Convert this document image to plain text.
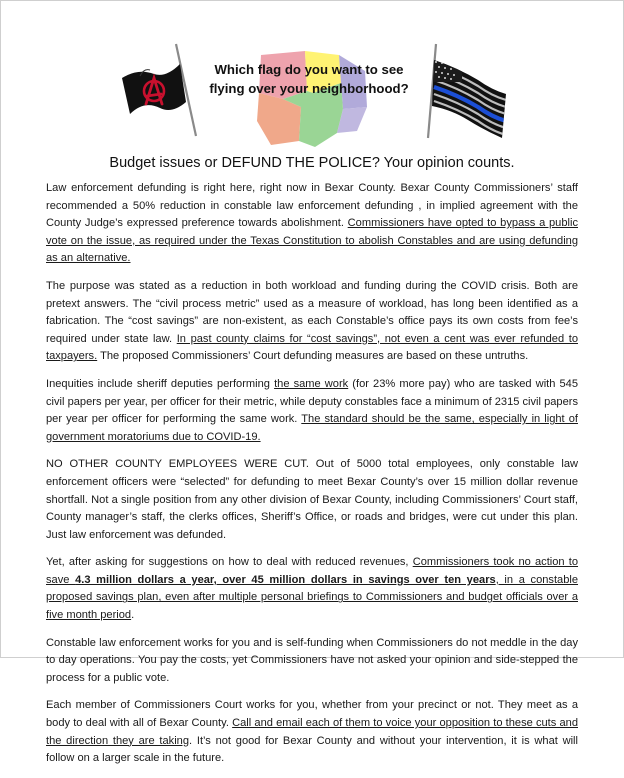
Which flag do you want to see
flying over your neighborhood?
Budget issues or DEFUND THE POLICE? Your opinion counts.

Law enforcement defunding is right here, right now in Bexar County. Bexar County Commissioners’ staff recommended a 50% reduction in constable law enforcement defunding , in implied agreement with the County Judge’s expressed preference towards abolishment. Commissioners have opted to bypass a public vote on the issue, as required under the Texas Constitution to abolish Constables and are using defunding as an alternative.

The purpose was stated as a reduction in both workload and funding during the COVID crisis. Both are pretext answers. The “civil process metric” used as a measure of workload, has long been identified as a fabrication. The “cost savings” are non-existent, as each Constable’s office pays its own costs from fee’s required under state law. In past county claims for “cost savings”, not even a cent was ever refunded to taxpayers. The proposed Commissioners’ Court defunding measures are based on these untruths.

Inequities include sheriff deputies performing the same work (for 23% more pay) who are tasked with 545 civil papers per year, per officer for their metric, while deputy constables face a minimum of 2315 civil papers per year per officer for performing the same work. The standard should be the same, especially in light of government moratoriums due to COVID-19.

NO OTHER COUNTY EMPLOYEES WERE CUT. Out of 5000 total employees, only constable law enforcement officers were “selected” for defunding to meet Bexar County’s over 15 million dollar revenue shortfall. Not a single position from any other division of Bexar County, including Commissioners’ Court staff, County manager’s staff, the clerks offices, Sheriff’s Office, or roads and bridges, were cut under this plan. Just law enforcement was defunded.

Yet, after asking for suggestions on how to deal with reduced revenues, Commissioners took no action to save 4.3 million dollars a year, over 45 million dollars in savings over ten years, in a constable proposed savings plan, even after multiple personal briefings to Commissioners and budget officials over a five month period.

Constable law enforcement works for you and is self-funding when Commissioners do not meddle in the day to day operations. You pay the costs, yet Commissioners have not asked your opinion and side-stepped the process for a public vote.

Each member of Commissioners Court works for you, whether from your precinct or not. They meet as a body to deal with all of Bexar County. Call and email each of them to voice your opposition to these cuts and the direction they are taking. It’s not good for Bexar County and without your intervention, it is what will follow on a larger scale in the future.
